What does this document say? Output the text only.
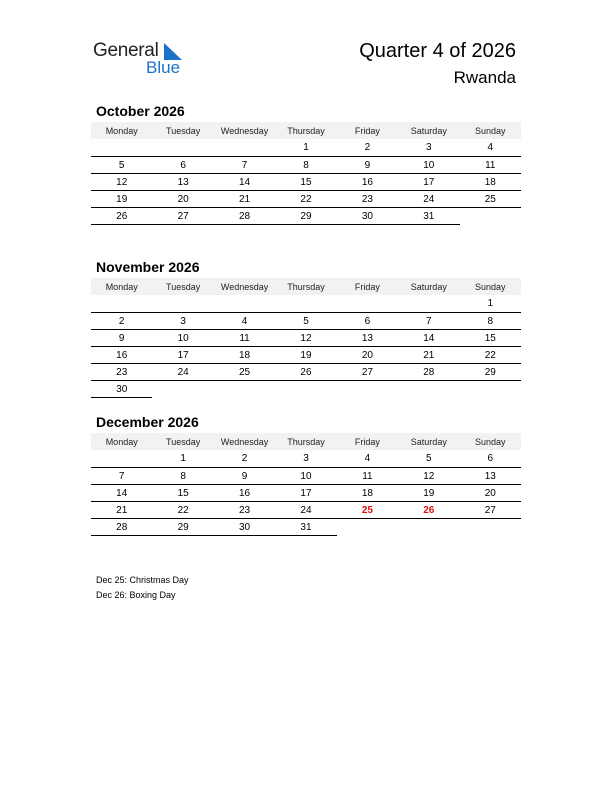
General
Blue
Quarter 4 of 2026
Rwanda
October 2026
Monday	Tuesday	Wednesday	Thursday	Friday	Saturday	Sunday
			1	2	3	4
5	6	7	8	9	10	11
12	13	14	15	16	17	18
19	20	21	22	23	24	25
26	27	28	29	30	31	
November 2026
Monday	Tuesday	Wednesday	Thursday	Friday	Saturday	Sunday
						1
2	3	4	5	6	7	8
9	10	11	12	13	14	15
16	17	18	19	20	21	22
23	24	25	26	27	28	29
30						
December 2026
Monday	Tuesday	Wednesday	Thursday	Friday	Saturday	Sunday
	1	2	3	4	5	6
7	8	9	10	11	12	13
14	15	16	17	18	19	20
21	22	23	24	25	26	27
28	29	30	31			
Dec 25: Christmas Day
Dec 26: Boxing Day
